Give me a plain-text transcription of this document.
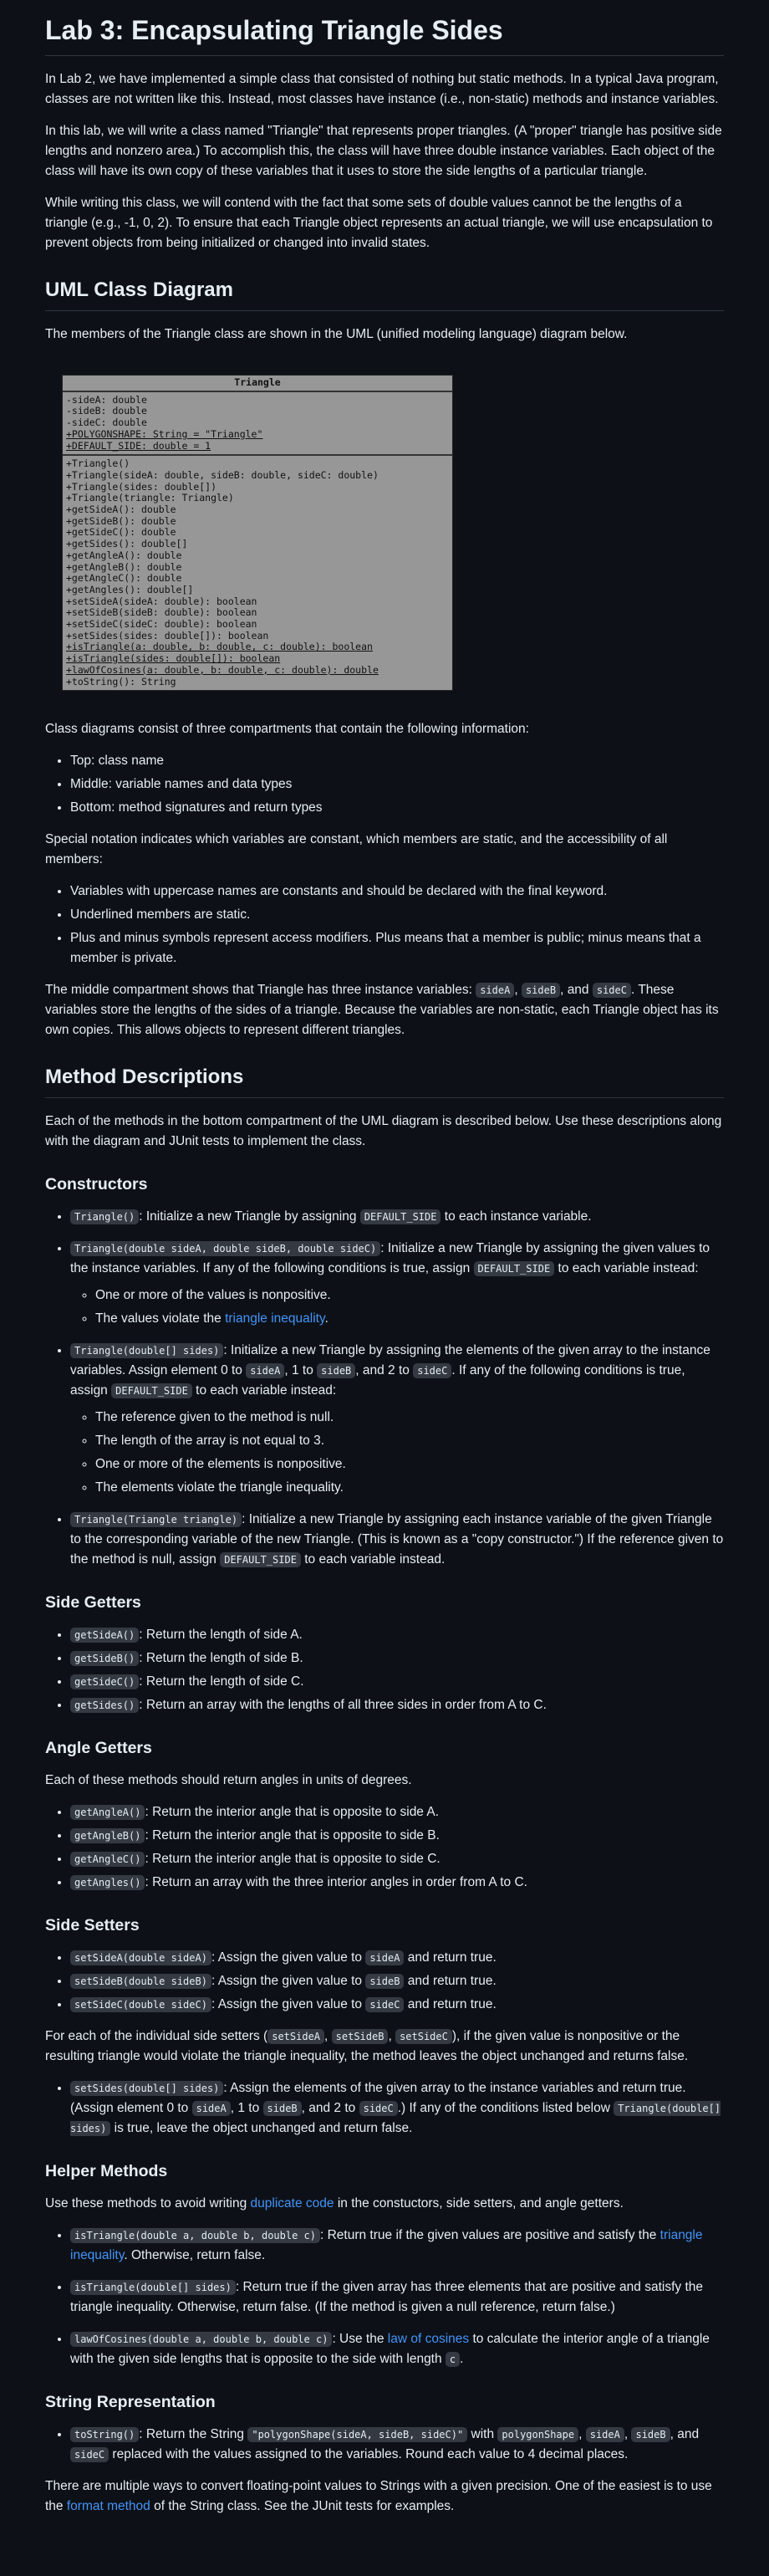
Lab 3: Encapsulating Triangle Sides

In Lab 2, we have implemented a simple class that consisted of nothing but static methods. In a typical Java program, classes are not written like this. Instead, most classes have instance (i.e., non-static) methods and instance variables.

In this lab, we will write a class named "Triangle" that represents proper triangles. (A "proper" triangle has positive side lengths and nonzero area.) To accomplish this, the class will have three double instance variables. Each object of the class will have its own copy of these variables that it uses to store the side lengths of a particular triangle.

While writing this class, we will contend with the fact that some sets of double values cannot be the lengths of a triangle (e.g., -1, 0, 2). To ensure that each Triangle object represents an actual triangle, we will use encapsulation to prevent objects from being initialized or changed into invalid states.

UML Class Diagram

The members of the Triangle class are shown in the UML (unified modeling language) diagram below.

Triangle
-sideA: double
-sideB: double
-sideC: double
+POLYGONSHAPE: String = "Triangle"
+DEFAULT_SIDE: double = 1
+Triangle()
+Triangle(sideA: double, sideB: double, sideC: double)
+Triangle(sides: double[])
+Triangle(triangle: Triangle)
+getSideA(): double
+getSideB(): double
+getSideC(): double
+getSides(): double[]
+getAngleA(): double
+getAngleB(): double
+getAngleC(): double
+getAngles(): double[]
+setSideA(sideA: double): boolean
+setSideB(sideB: double): boolean
+setSideC(sideC: double): boolean
+setSides(sides: double[]): boolean
+isTriangle(a: double, b: double, c: double): boolean
+isTriangle(sides: double[]): boolean
+lawOfCosines(a: double, b: double, c: double): double
+toString(): String

Class diagrams consist of three compartments that contain the following information:

• Top: class name
• Middle: variable names and data types
• Bottom: method signatures and return types

Special notation indicates which variables are constant, which members are static, and the accessibility of all members:

• Variables with uppercase names are constants and should be declared with the final keyword.
• Underlined members are static.
• Plus and minus symbols represent access modifiers. Plus means that a member is public; minus means that a member is private.

The middle compartment shows that Triangle has three instance variables: sideA , sideB , and sideC . These variables store the lengths of the sides of a triangle. Because the variables are non-static, each Triangle object has its own copies. This allows objects to represent different triangles.

Method Descriptions

Each of the methods in the bottom compartment of the UML diagram is described below. Use these descriptions along with the diagram and JUnit tests to implement the class.

Constructors
• Triangle() : Initialize a new Triangle by assigning DEFAULT_SIDE to each instance variable.
• Triangle(double sideA, double sideB, double sideC) : Initialize a new Triangle by assigning the given values to the instance variables. If any of the following conditions is true, assign DEFAULT_SIDE to each variable instead:
◦ One or more of the values is nonpositive.
◦ The values violate the triangle inequality.
• Triangle(double[] sides) : Initialize a new Triangle by assigning the elements of the given array to the instance variables. Assign element 0 to sideA , 1 to sideB , and 2 to sideC . If any of the following conditions is true, assign DEFAULT_SIDE to each variable instead:
◦ The reference given to the method is null.
◦ The length of the array is not equal to 3.
◦ One or more of the elements is nonpositive.
◦ The elements violate the triangle inequality.
• Triangle(Triangle triangle) : Initialize a new Triangle by assigning each instance variable of the given Triangle to the corresponding variable of the new Triangle. (This is known as a "copy constructor.") If the reference given to the method is null, assign DEFAULT_SIDE to each variable instead.
Side Getters
• getSideA() : Return the length of side A.
• getSideB() : Return the length of side B.
• getSideC() : Return the length of side C.
• getSides() : Return an array with the lengths of all three sides in order from A to C.
Angle Getters

Each of these methods should return angles in units of degrees.

• getAngleA() : Return the interior angle that is opposite to side A.
• getAngleB() : Return the interior angle that is opposite to side B.
• getAngleC() : Return the interior angle that is opposite to side C.
• getAngles() : Return an array with the three interior angles in order from A to C.
Side Setters
• setSideA(double sideA) : Assign the given value to sideA and return true.
• setSideB(double sideB) : Assign the given value to sideB and return true.
• setSideC(double sideC) : Assign the given value to sideC and return true.

For each of the individual side setters ( setSideA , setSideB , setSideC ), if the given value is nonpositive or the resulting triangle would violate the triangle inequality, the method leaves the object unchanged and returns false.

• setSides(double[] sides) : Assign the elements of the given array to the instance variables and return true. (Assign element 0 to sideA , 1 to sideB , and 2 to sideC .) If any of the conditions listed below Triangle(double[] sides) is true, leave the object unchanged and return false.
Helper Methods

Use these methods to avoid writing duplicate code in the constuctors, side setters, and angle getters.

• isTriangle(double a, double b, double c) : Return true if the given values are positive and satisfy the triangle inequality. Otherwise, return false.
• isTriangle(double[] sides) : Return true if the given array has three elements that are positive and satisfy the triangle inequality. Otherwise, return false. (If the method is given a null reference, return false.)
• lawOfCosines(double a, double b, double c) : Use the law of cosines to calculate the interior angle of a triangle with the given side lengths that is opposite to the side with length c .
String Representation
• toString() : Return the String "polygonShape(sideA, sideB, sideC)" with polygonShape , sideA , sideB , and sideC replaced with the values assigned to the variables. Round each value to 4 decimal places.

There are multiple ways to convert floating-point values to Strings with a given precision. One of the easiest is to use the format method of the String class. See the JUnit tests for examples.
